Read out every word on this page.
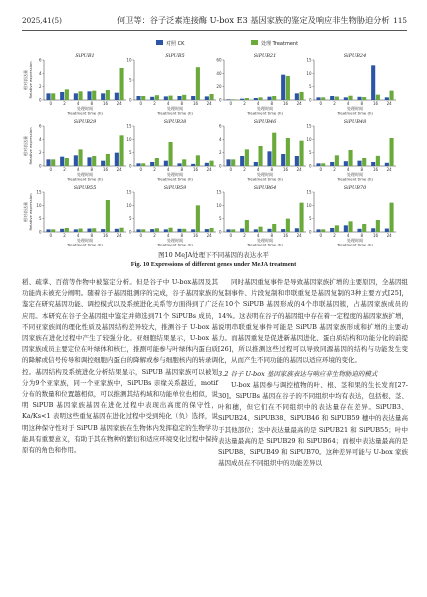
2025,41(5)	何卫等：谷子泛素连接酶 U-box E3 基因家族的鉴定及响应非生物胁迫分析 115
对照 CK	处理 Treatment
SiPUB1
0
2
4
6
0	2	4	8 16 24
处理时间
Treatment time (h)
相对表达量 Relative expression
SiPUB5
0
5
10
0	2	4	8 16 24
处理时间
Treatment time (h)
SiPUB21
0
20
40
60
0	2	4	8 16 24
处理时间
Treatment time (h)
SiPUB24
0
5
10
15
0	2	4	8 16 24
处理时间
Treatment time (h)
SiPUB29
0
2
4
6
0	2	4	8 16 24
处理时间
Treatment time (h)
相对表达量 Relative expression
SiPUB38
0
5
10
15
0	2	4	8 16 24
处理时间
Treatment time (h)
SiPUB46
0
2
4
6
0	2	4	8 16 24
处理时间
Treatment time (h)
SiPUB48
0
5
10
15
0	2	4	8 16 24
处理时间
Treatment time (h)
SiPUB55
0
5
10
15
0	2	4	8 16 24
处理时间
Treatment time (h)
相对表达量 Relative expression
SiPUB59
0
5
10
15
0	2	4	8 16 24
处理时间
Treatment time (h)
SiPUB64
0
5
10
15
0	2	4	8 16 24
处理时间
Treatment time (h)
SiPUB70
0
5
10
15
0	2	4	8 16 24
处理时间
Treatment time (h)
图10 MeJA处理下不同基因的表达水平
Fig. 10 Expressions of different genes under MeJA treatment

稻、疏掌、百蓿等作物中被鉴定分析。但是谷子中 U-box基因及其功能尚未被充分阐明。随着谷子基因组测序的完成，谷子基因家族的鉴定在研究基因功能、调控模式以及系统进化关系等方面得到了广泛应用。本研究在谷子全基因组中鉴定并筛选到71个 SiPUBs 成员，不同亚家族间的理化性质及基因结构差异较大，推测谷子 U-box 基因家族在进化过程中产生了较强分化。亚细胞结果显示，U-box 基因家族成员主要定位在叶绿体和核仁，推测可能参与叶绿体内蛋白质的降解或信号传导和调控细胞内蛋白的降解或参与细胞核内的转录调控。基因结构及系统进化分析结果显示，SiPUB 基因家族可以被划分为9个亚家族，同一个亚家族中，SiPUBs 亲缘关系越近，motif 分布的数量和位置越相似，可以推测其结构域和功能单位也相似，说明 SiPUB 基因家族基因在进化过程中表现出高度的保守性，Ka/Ks<1 表明这些重复基因在进化过程中受到纯化（负）选择，说明这种保守性对于 SiPUB 基因家族在生物体内发挥稳定的生物学功能具有重要意义，有助于其在物种的繁衍和适应环境变化过程中保持原有的角色和作用。

同时基因重复事件是导致基因家族扩增的主要原因，全基因组复制事件、片段复制和串联重复是基因复制的3种主要方式[25]，在10个 SiPUB 基因形成的4个串联基因簇，占基因家族成员的14%。这表明在谷子的基因组中存在着一定程度的基因家族扩增，说明串联重复事件可能是 SiPUB 基因家族形成和扩增的主要动力。而基因重复是促进新基因进化、蛋白质结构和功能分化的前提[26]，所以推测这些过程可以导致同源基因的结构与功能发生变化，从而产生不同功能的基因以适应环境的变化。

3.2 谷子 U-box 基因家族表达与响应非生物胁迫的模式

U-box 基因参与调控植物的叶、根、茎和果的生长发育[27-30]。SiPUBs 基因在谷子的不同组织中均有表达，包括根、茎、叶和穗，但它们在不同组织中的表达量存在差异。SiPUB3、SiPUB24、SiPUB38、SiPUB46 和 SiPUB59 穗中的表达量高于其他部位；茎中表达量最高的是 SiPUB21 和 SiPUB55；叶中表达量最高的是 SiPUB29 和 SiPUB64；而根中表达量最高的是 SiPUB8、SiPUB49 和 SiPUB70。这种差异可能与 U-box 家族基因成员在不同组织中的功能差异以
